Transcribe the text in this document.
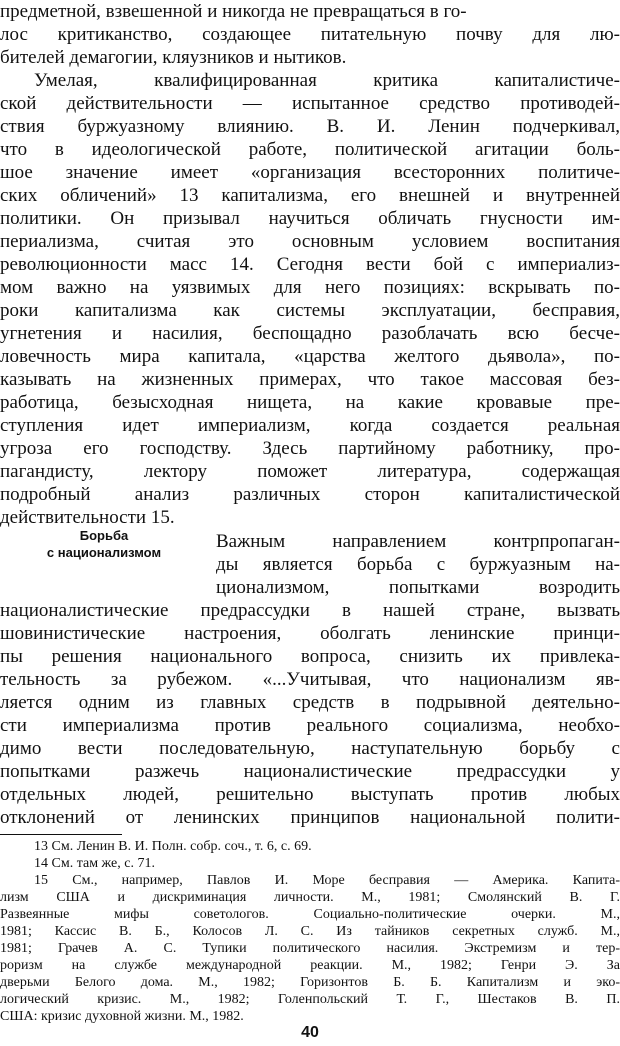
предметной, взвешенной и никогда не превращаться в го-
лос критиканство, создающее питательную почву для лю-
бителей демагогии, кляузников и нытиков.
Умелая, квалифицированная критика капиталистиче-
ской действительности — испытанное средство противодей-
ствия буржуазному влиянию. В. И. Ленин подчеркивал,
что в идеологической работе, политической агитации боль-
шое значение имеет «организация всесторонних политиче-
ских обличений» 13 капитализма, его внешней и внутренней
политики. Он призывал научиться обличать гнусности им-
периализма, считая это основным условием воспитания
революционности масс 14. Сегодня вести бой с империализ-
мом важно на уязвимых для него позициях: вскрывать по-
роки капитализма как системы эксплуатации, бесправия,
угнетения и насилия, беспощадно разоблачать всю бесче-
ловечность мира капитала, «царства желтого дьявола», по-
казывать на жизненных примерах, что такое массовая без-
работица, безысходная нищета, на какие кровавые пре-
ступления идет империализм, когда создается реальная
угроза его господству. Здесь партийному работнику, про-
пагандисту, лектору поможет литература, содержащая
подробный анализ различных сторон капиталистической
действительности 15.
Борьба
с национализмом
Важным направлением контрпропаган-
ды является борьба с буржуазным на-
ционализмом, попытками возродить
националистические предрассудки в нашей стране, вызвать
шовинистические настроения, оболгать ленинские принци-
пы решения национального вопроса, снизить их привлека-
тельность за рубежом. «...Учитывая, что национализм яв-
ляется одним из главных средств в подрывной деятельно-
сти империализма против реального социализма, необхо-
димо вести последовательную, наступательную борьбу с
попытками разжечь националистические предрассудки у
отдельных людей, решительно выступать против любых
отклонений от ленинских принципов национальной полити-
13 См. Ленин В. И. Полн. собр. соч., т. 6, с. 69.
14 См. там же, с. 71.
15 См., например, Павлов И. Море бесправия — Америка. Капита-
лизм США и дискриминация личности. М., 1981; Смолянский В. Г.
Развеянные мифы советологов. Социально-политические очерки. М.,
1981; Кассис В. Б., Колосов Л. С. Из тайников секретных служб. М.,
1981; Грачев А. С. Тупики политического насилия. Экстремизм и тер-
роризм на службе международной реакции. М., 1982; Генри Э. За
дверьми Белого дома. М., 1982; Горизонтов Б. Б. Капитализм и эко-
логический кризис. М., 1982; Голенпольский Т. Г., Шестаков В. П.
США: кризис духовной жизни. М., 1982.
40
